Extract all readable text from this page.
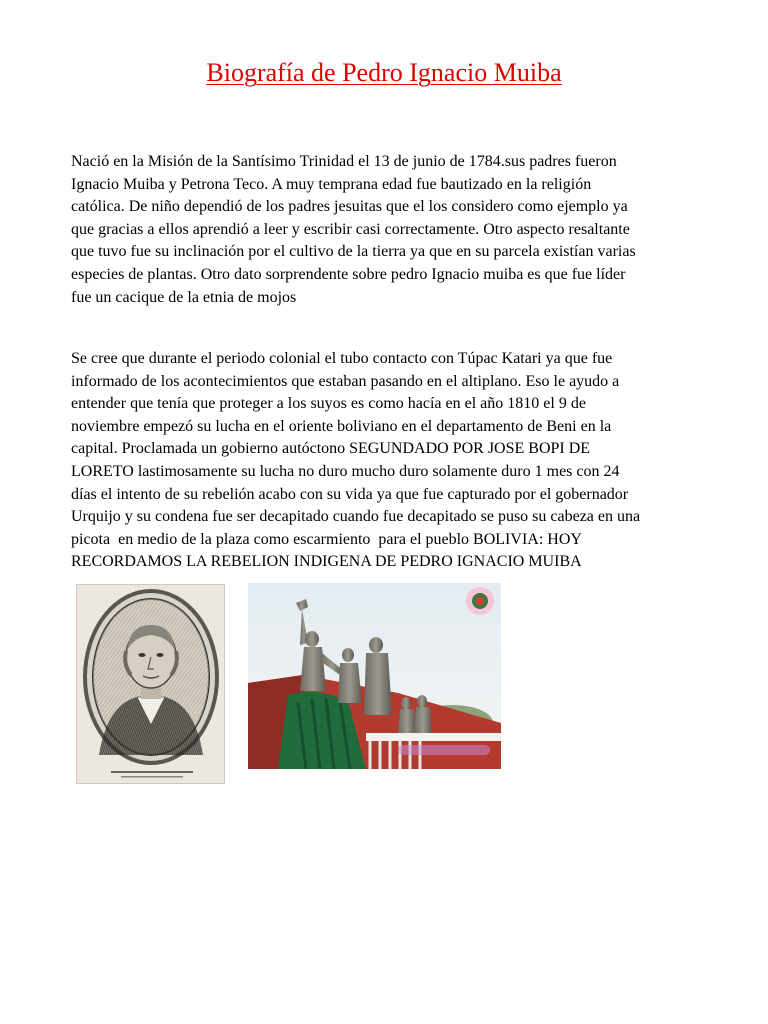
Biografía de Pedro Ignacio Muiba
Nació en la Misión de la Santísimo Trinidad el 13 de junio de 1784.sus padres fueron
Ignacio Muiba y Petrona Teco. A muy temprana edad fue bautizado en la religión
católica. De niño dependió de los padres jesuitas que el los considero como ejemplo ya
que gracias a ellos aprendió a leer y escribir casi correctamente. Otro aspecto resaltante
que tuvo fue su inclinación por el cultivo de la tierra ya que en su parcela existían varias
especies de plantas. Otro dato sorprendente sobre pedro Ignacio muiba es que fue líder
fue un cacique de la etnia de mojos
Se cree que durante el periodo colonial el tubo contacto con Túpac Katari ya que fue
informado de los acontecimientos que estaban pasando en el altiplano. Eso le ayudo a
entender que tenía que proteger a los suyos es como hacía en el año 1810 el 9 de
noviembre empezó su lucha en el oriente boliviano en el departamento de Beni en la
capital. Proclamada un gobierno autóctono SEGUNDADO POR JOSE BOPI DE
LORETO lastimosamente su lucha no duro mucho duro solamente duro 1 mes con 24
días el intento de su rebelión acabo con su vida ya que fue capturado por el gobernador
Urquijo y su condena fue ser decapitado cuando fue decapitado se puso su cabeza en una
picota  en medio de la plaza como escarmiento  para el pueblo BOLIVIA: HOY
RECORDAMOS LA REBELION INDIGENA DE PEDRO IGNACIO MUIBA
